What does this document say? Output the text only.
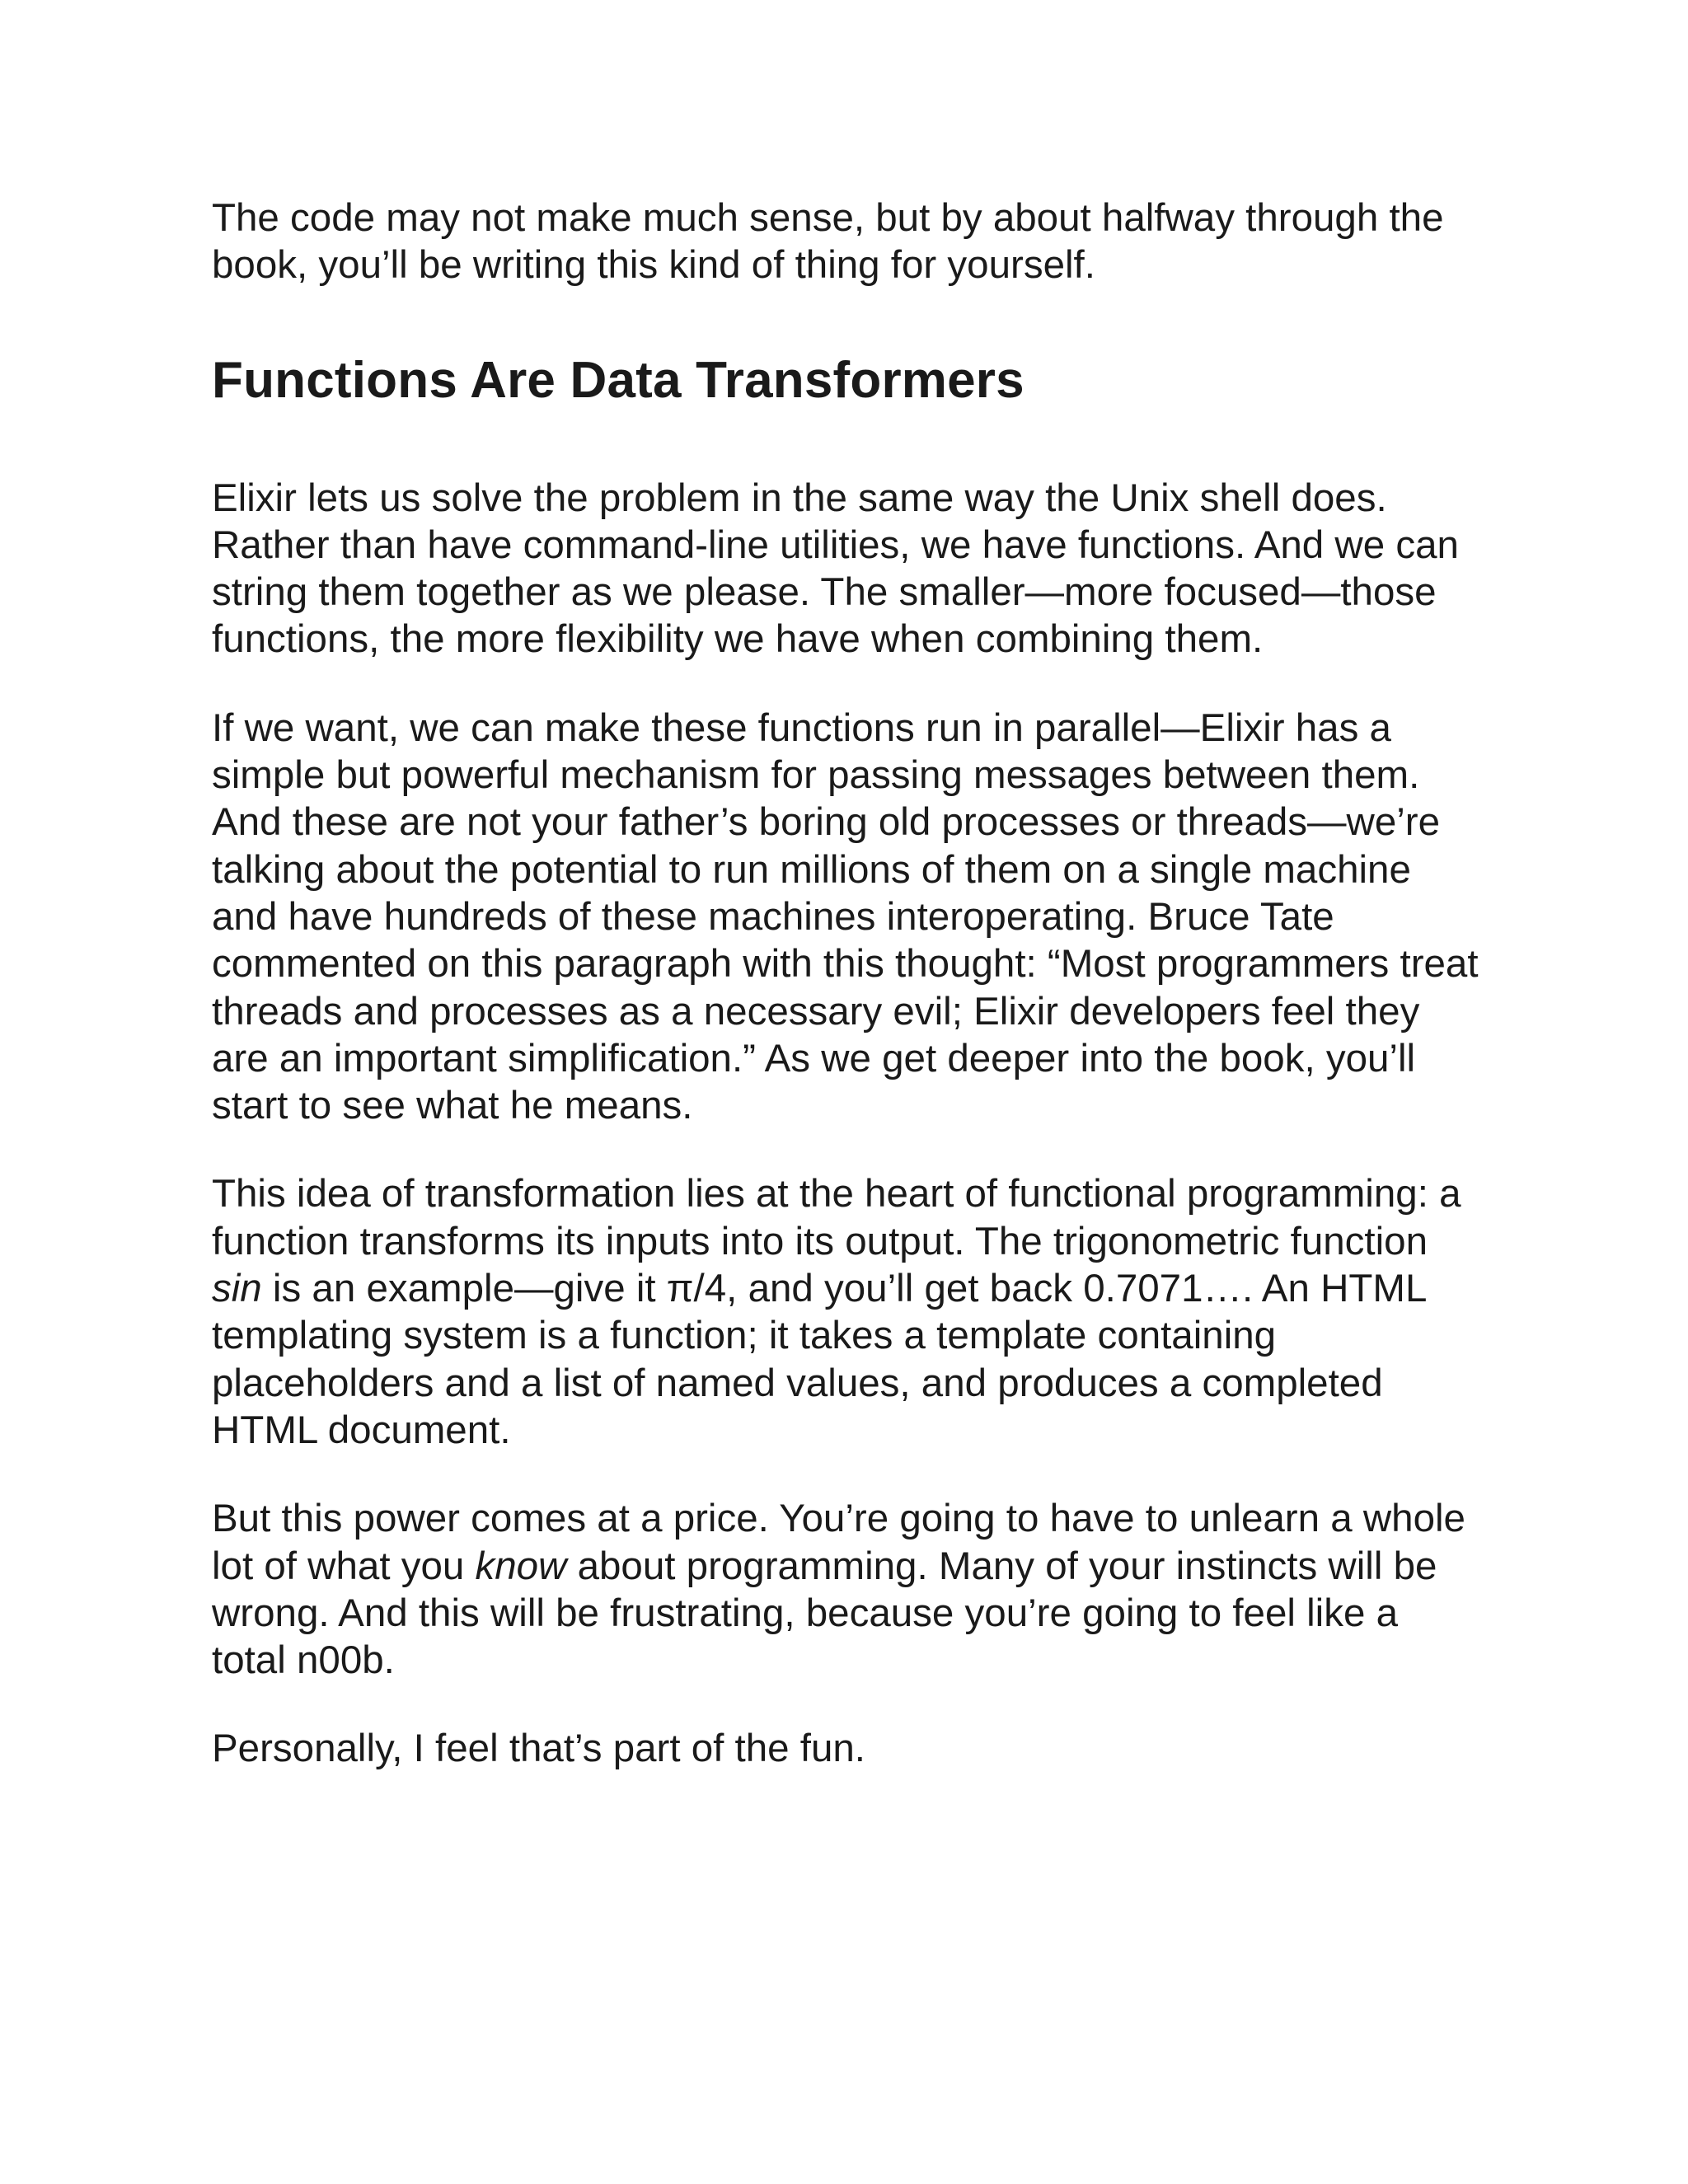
The code may not make much sense, but by about halfway through the book, you’ll be writing this kind of thing for yourself.

Functions Are Data Transformers

Elixir lets us solve the problem in the same way the Unix shell does. Rather than have command-line utilities, we have functions. And we can string them together as we please. The smaller—more focused—those functions, the more flexibility we have when combining them.

If we want, we can make these functions run in parallel—Elixir has a simple but powerful mechanism for passing messages between them. And these are not your father’s boring old processes or threads—we’re talking about the potential to run millions of them on a single machine and have hundreds of these machines interoperating. Bruce Tate commented on this paragraph with this thought: “Most programmers treat threads and processes as a necessary evil; Elixir developers feel they are an important simplification.” As we get deeper into the book, you’ll start to see what he means.

This idea of transformation lies at the heart of functional programming: a function transforms its inputs into its output. The trigonometric function sin is an example—give it π/4, and you’ll get back 0.7071…. An HTML templating system is a function; it takes a template containing placeholders and a list of named values, and produces a completed HTML document.

But this power comes at a price. You’re going to have to unlearn a whole lot of what you know about programming. Many of your instincts will be wrong. And this will be frustrating, because you’re going to feel like a total n00b.

Personally, I feel that’s part of the fun.
